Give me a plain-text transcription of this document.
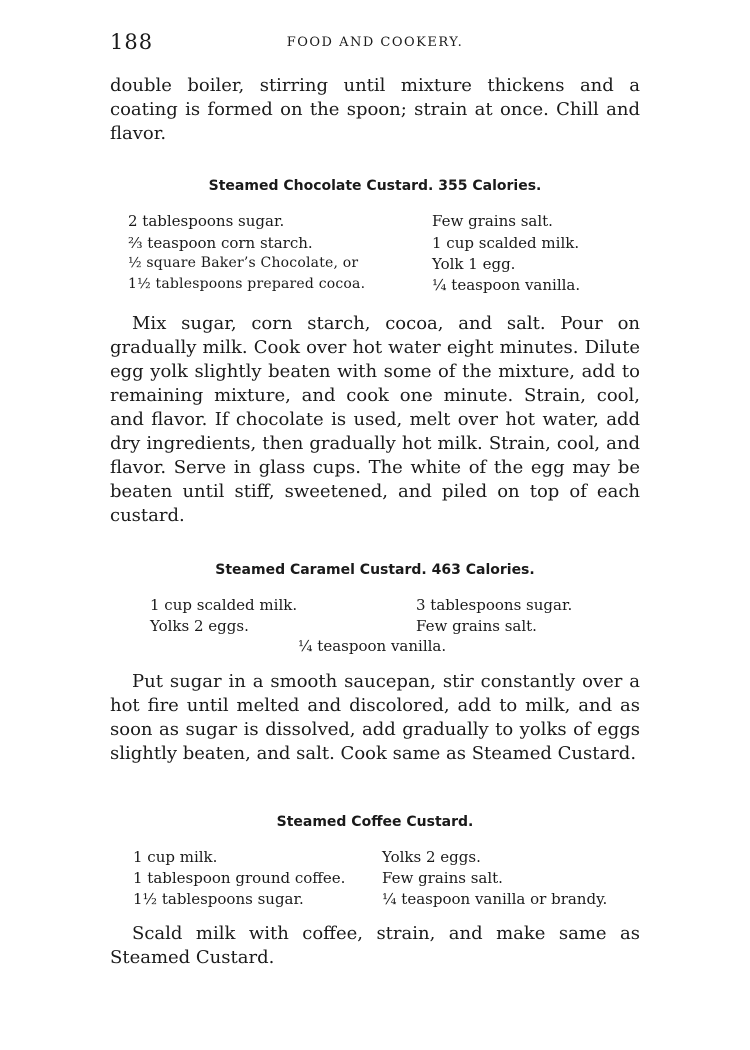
188	FOOD AND COOKERY.

double boiler, stirring until mixture thickens and a coating is formed on the spoon; strain at once. Chill and flavor.

Steamed Chocolate Custard. 355 Calories.
2 tablespoons sugar.
⅔ teaspoon corn starch.
½ square Baker’s Chocolate, or
1½ tablespoons prepared cocoa.
Few grains salt.
1 cup scalded milk.
Yolk 1 egg.
¼ teaspoon vanilla.

Mix sugar, corn starch, cocoa, and salt. Pour on gradually milk. Cook over hot water eight minutes. Dilute egg yolk slightly beaten with some of the mixture, add to remaining mixture, and cook one minute. Strain, cool, and flavor. If chocolate is used, melt over hot water, add dry ingredients, then gradually hot milk. Strain, cool, and flavor. Serve in glass cups. The white of the egg may be beaten until stiff, sweetened, and piled on top of each custard.

Steamed Caramel Custard. 463 Calories.
1 cup scalded milk.
Yolks 2 eggs.
3 tablespoons sugar.
Few grains salt.
¼ teaspoon vanilla.

Put sugar in a smooth saucepan, stir constantly over a hot fire until melted and discolored, add to milk, and as soon as sugar is dissolved, add gradually to yolks of eggs slightly beaten, and salt. Cook same as Steamed Custard.

Steamed Coffee Custard.
1 cup milk.
1 tablespoon ground coffee.
1½ tablespoons sugar.
Yolks 2 eggs.
Few grains salt.
¼ teaspoon vanilla or brandy.

Scald milk with coffee, strain, and make same as Steamed Custard.
